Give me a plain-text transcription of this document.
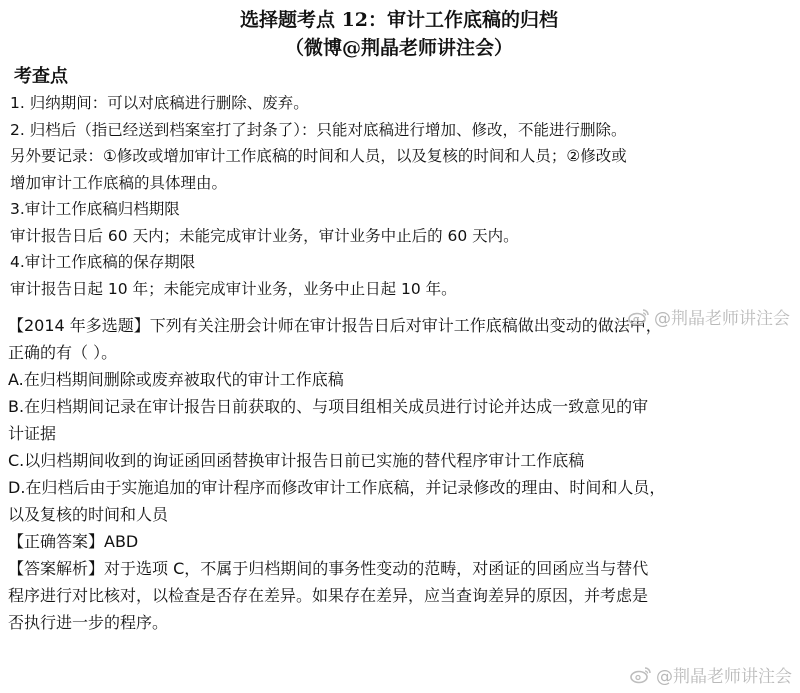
选择题考点 12：审计工作底稿的归档
（微博@荆晶老师讲注会）
考查点
1. 归纳期间：可以对底稿进行删除、废弃。
2. 归档后（指已经送到档案室打了封条了）：只能对底稿进行增加、修改，不能进行删除。
另外要记录：①修改或增加审计工作底稿的时间和人员，以及复核的时间和人员；②修改或
增加审计工作底稿的具体理由。
3.审计工作底稿归档期限
审计报告日后 60 天内；未能完成审计业务，审计业务中止后的 60 天内。
4.审计工作底稿的保存期限
审计报告日起 10 年；未能完成审计业务，业务中止日起 10 年。
【2014 年多选题】下列有关注册会计师在审计报告日后对审计工作底稿做出变动的做法中，
正确的有（ ）。
A.在归档期间删除或废弃被取代的审计工作底稿
B.在归档期间记录在审计报告日前获取的、与项目组相关成员进行讨论并达成一致意见的审
计证据
C.以归档期间收到的询证函回函替换审计报告日前已实施的替代程序审计工作底稿
D.在归档后由于实施追加的审计程序而修改审计工作底稿，并记录修改的理由、时间和人员，
以及复核的时间和人员
【正确答案】ABD
【答案解析】对于选项 C，不属于归档期间的事务性变动的范畴，对函证的回函应当与替代
程序进行对比核对，以检查是否存在差异。如果存在差异，应当查询差异的原因，并考虑是
否执行进一步的程序。
@荆晶老师讲注会
@荆晶老师讲注会
